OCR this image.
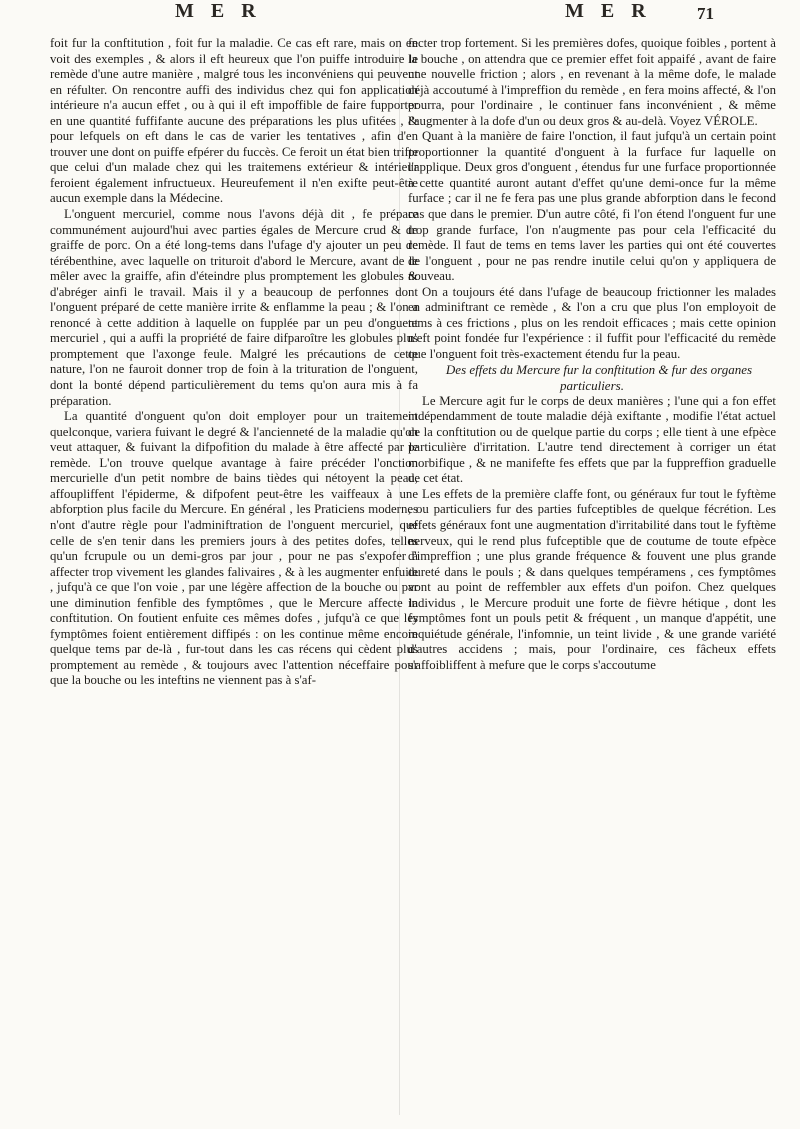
M E R	M E R	71

foit fur la conftitution , foit fur la maladie. Ce cas eft rare, mais on en voit des exemples , & alors il eft heureux que l'on puiffe introduire le remède d'une autre manière , malgré tous les inconvéniens qui peuvent en réfulter. On rencontre auffi des individus chez qui fon application intérieure n'a aucun effet , ou à qui il eft impoffible de faire fupporter en une quantité fuffifante aucune des préparations les plus ufitées , & pour lefquels on eft dans le cas de varier les tentatives , afin d'en trouver une dont on puiffe efpérer du fuccès. Ce feroit un état bien trifte que celui d'un malade chez qui les traitemens extérieur & intérieur feroient également infructueux. Heureufement il n'en exifte peut-être aucun exemple dans la Médecine.

L'onguent mercuriel, comme nous l'avons déjà dit , fe prépare communément aujourd'hui avec parties égales de Mercure crud & de graiffe de porc. On a été long-tems dans l'ufage d'y ajouter un peu de térébenthine, avec laquelle on trituroit d'abord le Mercure, avant de le mêler avec la graiffe, afin d'éteindre plus promptement les globules & d'abréger ainfi le travail. Mais il y a beaucoup de perfonnes dont l'onguent préparé de cette manière irrite & enflamme la peau ; & l'on a renoncé à cette addition à laquelle on fupplée par un peu d'onguent mercuriel , qui a auffi la propriété de faire difparoître les globules plus promptement que l'axonge feule. Malgré les précautions de cette nature, l'on ne fauroit donner trop de foin à la trituration de l'onguent, dont la bonté dépend particulièrement du tems qu'on aura mis à fa préparation.

La quantité d'onguent qu'on doit employer pour un traitement quelconque, variera fuivant le degré & l'ancienneté de la maladie qu'on veut attaquer, & fuivant la difpofition du malade à être affecté par le remède. L'on trouve quelque avantage à faire précéder l'onction mercurielle d'un petit nombre de bains tièdes qui nétoyent la peau, affoupliffent l'épiderme, & difpofent peut-être les vaiffeaux à une abforption plus facile du Mercure. En général , les Praticiens modernes n'ont d'autre règle pour l'adminiftration de l'onguent mercuriel, que celle de s'en tenir dans les premiers jours à des petites dofes, telles qu'un fcrupule ou un demi-gros par jour , pour ne pas s'expofer à affecter trop vivement les glandes falivaires , & à les augmenter enfuite , jufqu'à ce que l'on voie , par une légère affection de la bouche ou par une diminution fenfible des fymptômes , que le Mercure affecte la conftitution. On foutient enfuite ces mêmes dofes , jufqu'à ce que les fymptômes foient entièrement diffipés : on les continue même encore quelque tems par de-là , fur-tout dans les cas récens qui cèdent plus promptement au remède , & toujours avec l'attention néceffaire pour que la bouche ou les inteftins ne viennent pas à s'af-

fecter trop fortement. Si les premières dofes, quoique foibles , portent à la bouche , on attendra que ce premier effet foit appaifé , avant de faire une nouvelle friction ; alors , en revenant à la même dofe, le malade déjà accoutumé à l'impreffion du remède , en fera moins affecté, & l'on pourra, pour l'ordinaire , le continuer fans inconvénient , & même l'augmenter à la dofe d'un ou deux gros & au-delà. Voyez VÉROLE.

Quant à la manière de faire l'onction, il faut jufqu'à un certain point proportionner la quantité d'onguent à la furface fur laquelle on l'applique. Deux gros d'onguent , étendus fur une furface proportionnée à cette quantité auront autant d'effet qu'une demi-once fur la même furface ; car il ne fe fera pas une plus grande abforption dans le fecond cas que dans le premier. D'un autre côté, fi l'on étend l'onguent fur une trop grande furface, l'on n'augmente pas pour cela l'efficacité du remède. Il faut de tems en tems laver les parties qui ont été couvertes de l'onguent , pour ne pas rendre inutile celui qu'on y appliquera de nouveau.

On a toujours été dans l'ufage de beaucoup frictionner les malades en adminiftrant ce remède , & l'on a cru que plus l'on employoit de tems à ces frictions , plus on les rendoit efficaces ; mais cette opinion n'eft point fondée fur l'expérience : il fuffit pour l'efficacité du remède que l'onguent foit très-exactement étendu fur la peau.

Des effets du Mercure fur la conftitution & fur des organes particuliers.

Le Mercure agit fur le corps de deux manières ; l'une qui a fon effet indépendamment de toute maladie déjà exiftante , modifie l'état actuel de la conftitution ou de quelque partie du corps ; elle tient à une efpèce particulière d'irritation. L'autre tend directement à corriger un état morbifique , & ne manifefte fes effets que par la fuppreffion graduelle de cet état.

Les effets de la première claffe font, ou généraux fur tout le fyftème , ou particuliers fur des parties fufceptibles de quelque fécrétion. Les effets généraux font une augmentation d'irritabilité dans tout le fyftème nerveux, qui le rend plus fufceptible que de coutume de toute efpèce d'impreffion ; une plus grande fréquence & fouvent une plus grande dureté dans le pouls ; & dans quelques tempéramens , ces fymptômes vont au point de reffembler aux effets d'un poifon. Chez quelques individus , le Mercure produit une forte de fièvre hétique , dont les fymptômes font un pouls petit & fréquent , un manque d'appétit, une inquiétude générale, l'infomnie, un teint livide , & une grande variété d'autres accidens ; mais, pour l'ordinaire, ces fâcheux effets s'affoibliffent à mefure que le corps s'accoutume
